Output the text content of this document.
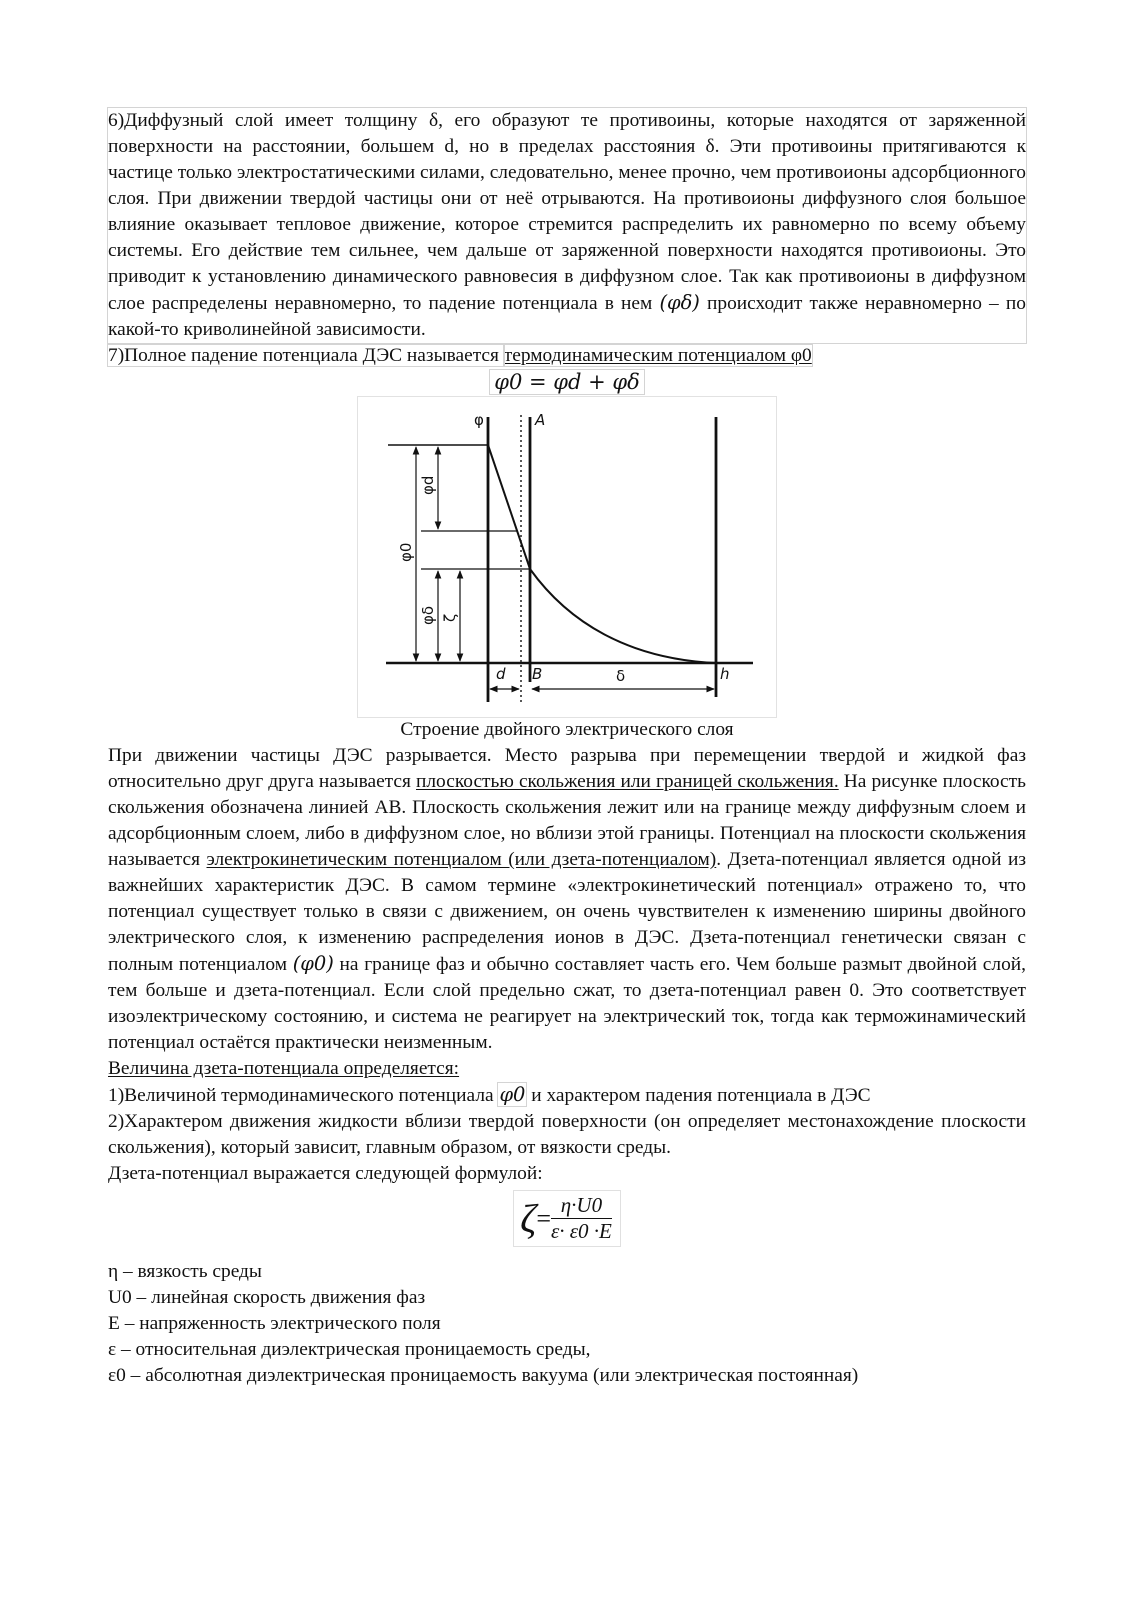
6)Диффузный слой имеет толщину δ, его образуют те противоины, которые находятся от заряженной поверхности на расстоянии, большем d, но в пределах расстояния δ. Эти противоины притягиваются к частице только электростатическими силами, следовательно, менее прочно, чем противоионы адсорбционного слоя. При движении твердой частицы они от неё отрываются. На противоионы диффузного слоя большое влияние оказывает тепловое движение, которое стремится распределить их равномерно по всему объему системы. Его действие тем сильнее, чем дальше от заряженной поверхности находятся противоионы. Это приводит к установлению динамического равновесия в диффузном слое. Так как противоионы в диффузном слое распределены неравномерно, то падение потенциала в нем (φδ) происходит также неравномерно – по какой-то криволинейной зависимости.

7)Полное падение потенциала ДЭС называется термодинамическим потенциалом φ0

φ0 = φd + φδ

φ	A
d B	δ	h
φd
φ0
φδ ζ

Строение двойного электрического слоя

При движении частицы ДЭС разрывается. Место разрыва при перемещении твердой и жидкой фаз относительно друг друга называется плоскостью скольжения или границей скольжения. На рисунке плоскость скольжения обозначена линией АВ. Плоскость скольжения лежит или на границе между диффузным слоем и адсорбционным слоем, либо в диффузном слое, но вблизи этой границы. Потенциал на плоскости скольжения называется электрокинетическим потенциалом (или дзета-потенциалом). Дзета-потенциал является одной из важнейших характеристик ДЭС. В самом термине «электрокинетический потенциал» отражено то, что потенциал существует только в связи с движением, он очень чувствителен к изменению ширины двойного электрического слоя, к изменению распределения ионов в ДЭС. Дзета-потенциал генетически связан с полным потенциалом (φ0) на границе фаз и обычно составляет часть его. Чем больше размыт двойной слой, тем больше и дзета-потенциал. Если слой предельно сжат, то дзета-потенциал равен 0. Это соответствует изоэлектрическому состоянию, и система не реагирует на электрический ток, тогда как терможинамический потенциал остаётся практически неизменным.

Величина дзета-потенциала определяется:

1)Величиной термодинамического потенциала φ0 и характером падения потенциала в ДЭС

2)Характером движения жидкости вблизи твердой поверхности (он определяет местонахождение плоскости скольжения), который зависит, главным образом, от вязкости среды.

Дзета-потенциал выражается следующей формулой:

ζ	=	η·U0
ε· ε0 ·E

η – вязкость среды

U0 – линейная скорость движения фаз

E – напряженность электрического поля

ε – относительная диэлектрическая проницаемость среды,

ε0 – абсолютная диэлектрическая проницаемость вакуума (или электрическая постоянная)
